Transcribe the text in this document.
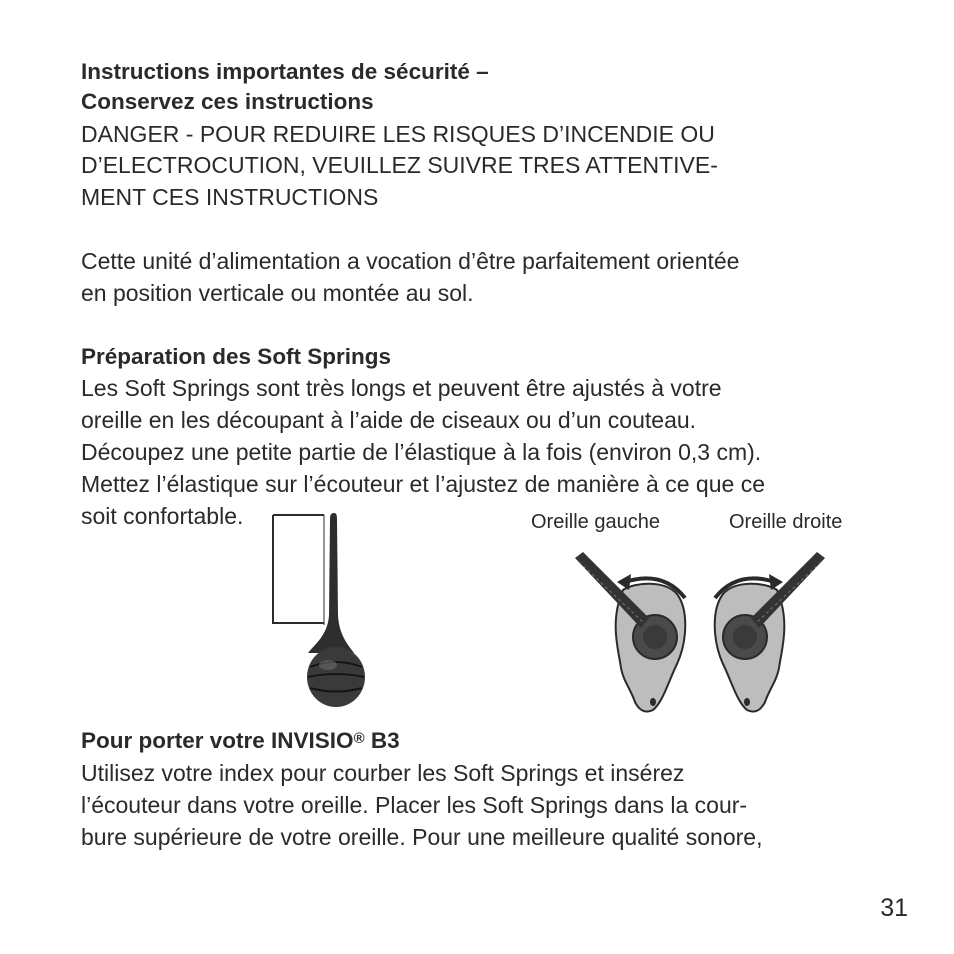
Instructions importantes de sécurité –
Conservez ces instructions
DANGER - POUR REDUIRE LES RISQUES D’INCENDIE OU
D’ELECTROCUTION, VEUILLEZ SUIVRE TRES ATTENTIVE-
MENT CES INSTRUCTIONS
Cette unité d’alimentation a vocation d’être parfaitement orientée
en position verticale ou montée au sol.
Préparation des Soft Springs
Les Soft Springs sont très longs et peuvent être ajustés à votre
oreille en les découpant à l’aide de ciseaux ou d’un couteau.
Découpez une petite partie de l’élastique à la fois (environ 0,3 cm).
Mettez l’élastique sur l’écouteur et l’ajustez de manière à ce que ce
soit confortable.	Oreille gauche	Oreille droite
Pour porter votre INVISIO® B3
Utilisez votre index pour courber les Soft Springs et insérez
l’écouteur dans votre oreille. Placer les Soft Springs dans la cour-
bure supérieure de votre oreille. Pour une meilleure qualité sonore,
31
